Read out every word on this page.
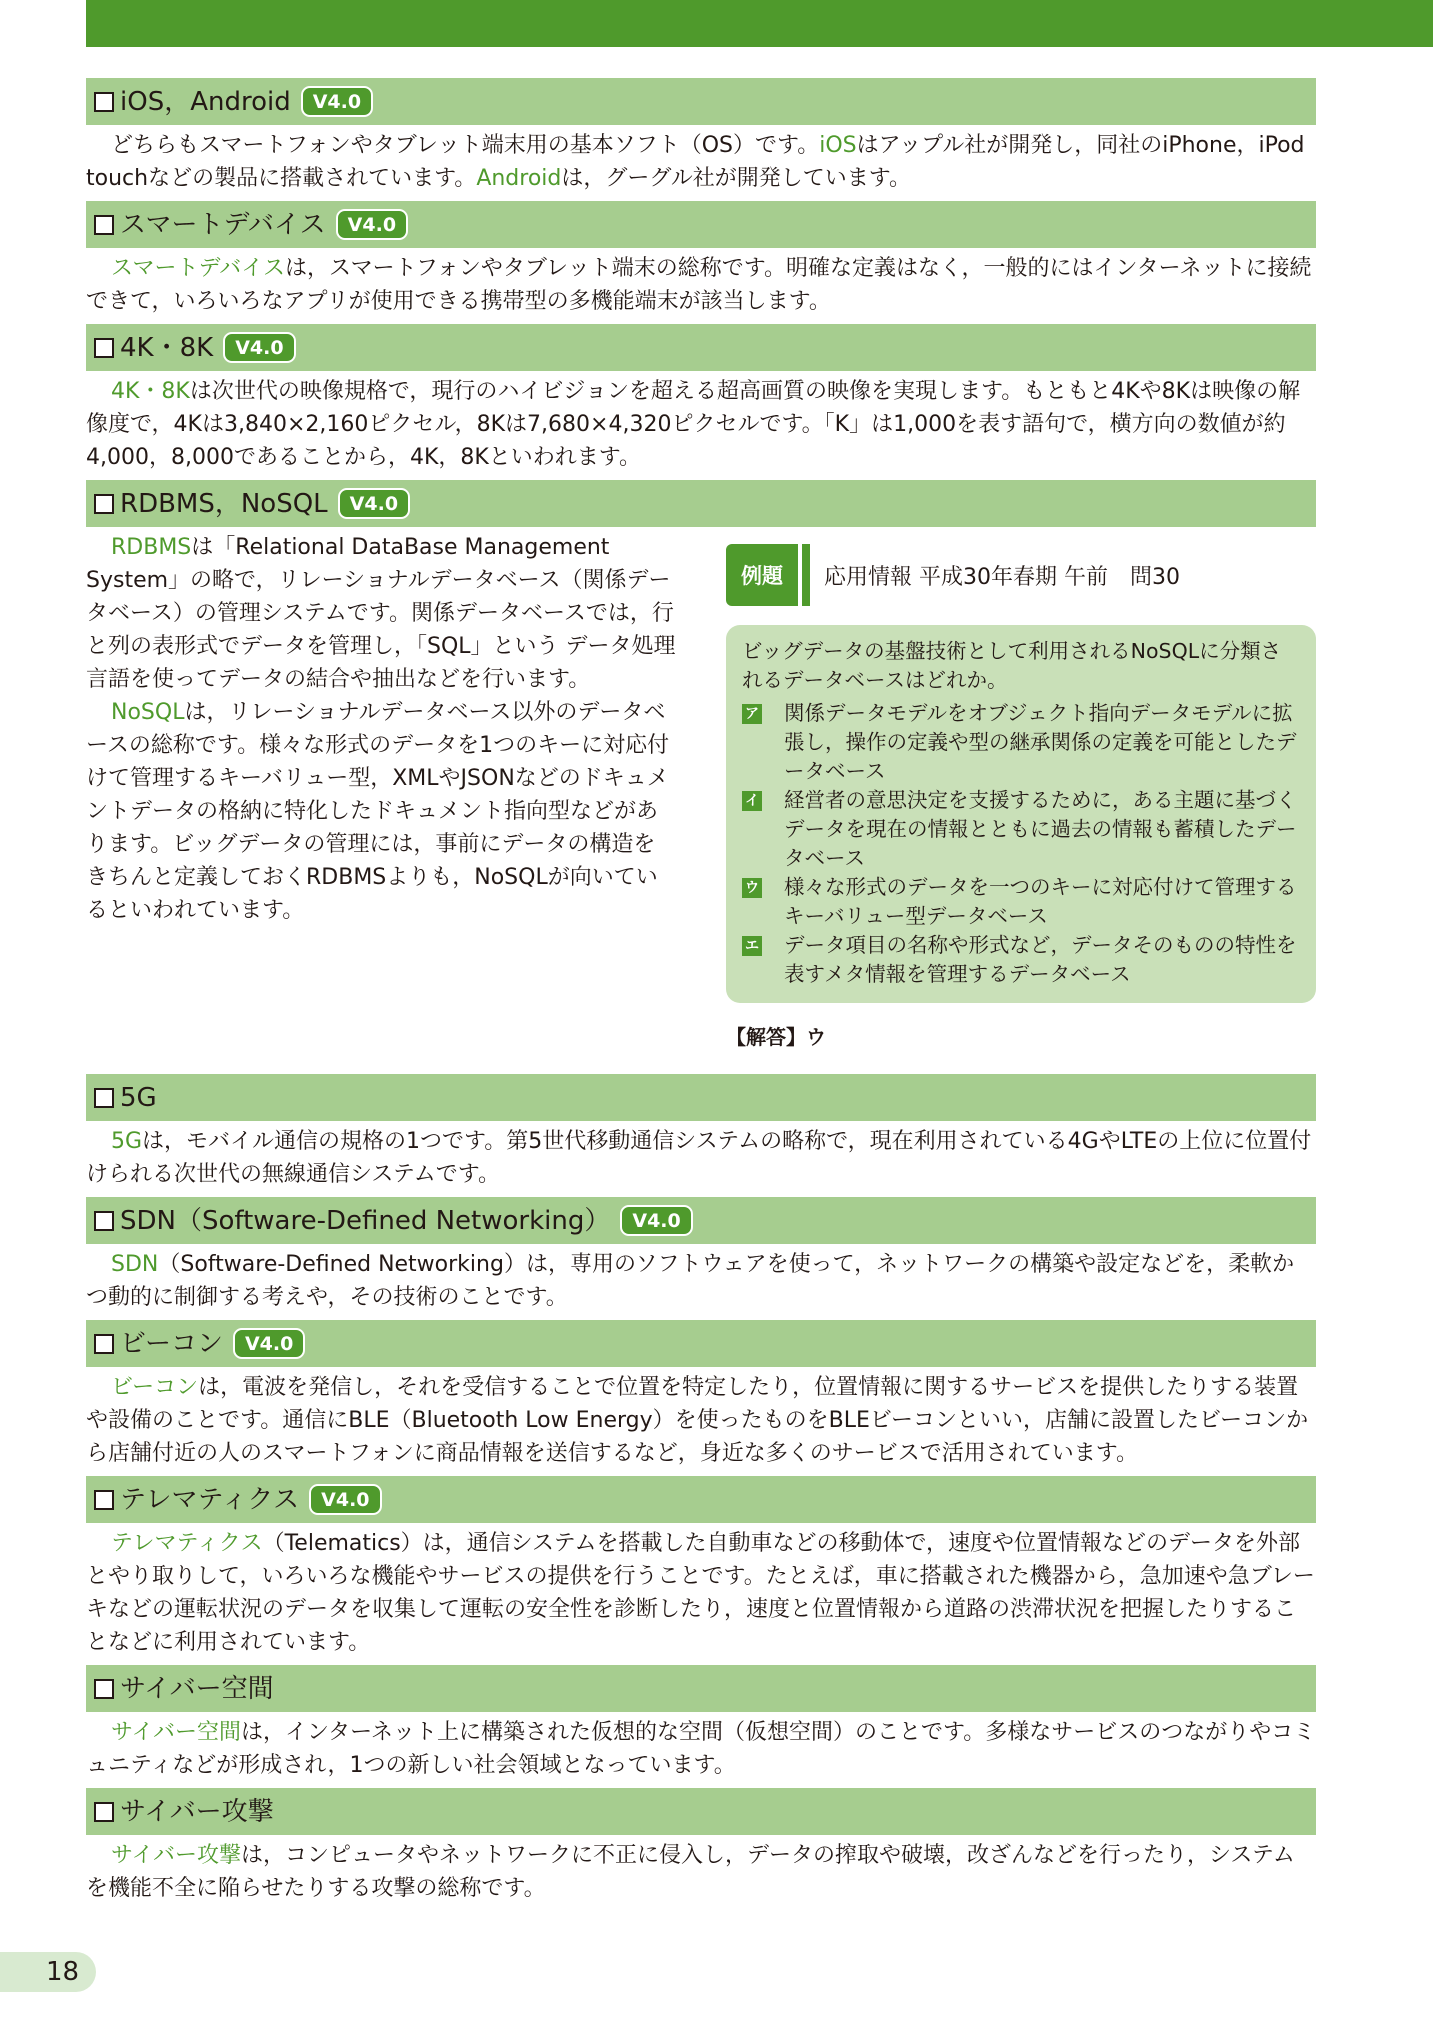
iOS，Android	V4.0

どちらもスマートフォンやタブレット端末用の基本ソフト（OS）です。iOSはアップル社が開発し，同社のiPhone，iPod touchなどの製品に搭載されています。Androidは，グーグル社が開発しています。

スマートデバイス	V4.0

スマートデバイスは，スマートフォンやタブレット端末の総称です。明確な定義はなく，一般的にはインターネットに接続できて，いろいろなアプリが使用できる携帯型の多機能端末が該当します。

4K・8K	V4.0

4K・8Kは次世代の映像規格で，現行のハイビジョンを超える超高画質の映像を実現します。もともと4Kや8Kは映像の解像度で，4Kは3,840×2,160ピクセル，8Kは7,680×4,320ピクセルです。「K」は1,000を表す語句で，横方向の数値が約4,000，8,000であることから，4K，8Kといわれます。

RDBMS，NoSQL	V4.0

RDBMSは「Relational DataBase Management System」の略で，リレーショナルデータベース（関係データベース）の管理システムです。関係データベースでは，行と列の表形式でデータを管理し，「SQL」という データ処理言語を使ってデータの結合や抽出などを行います。

NoSQLは，リレーショナルデータベース以外のデータベースの総称です。様々な形式のデータを1つのキーに対応付けて管理するキーバリュー型，XMLやJSONなどのドキュメントデータの格納に特化したドキュメント指向型などがあります。ビッグデータの管理には，事前にデータの構造をきちんと定義しておくRDBMSよりも，NoSQLが向いているといわれています。

例題	応用情報 平成30年春期 午前　問30
ビッグデータの基盤技術として利用されるNoSQLに分類されるデータベースはどれか。
ア 関係データモデルをオブジェクト指向データモデルに拡張し，操作の定義や型の継承関係の定義を可能としたデータベース
イ 経営者の意思決定を支援するために，ある主題に基づくデータを現在の情報とともに過去の情報も蓄積したデータベース
ウ 様々な形式のデータを一つのキーに対応付けて管理するキーバリュー型データベース
エ データ項目の名称や形式など，データそのものの特性を表すメタ情報を管理するデータベース
【解答】ウ
5G

5Gは，モバイル通信の規格の1つです。第5世代移動通信システムの略称で，現在利用されている4GやLTEの上位に位置付けられる次世代の無線通信システムです。

SDN（Software-Defined Networking）	V4.0

SDN（Software-Defined Networking）は，専用のソフトウェアを使って，ネットワークの構築や設定などを，柔軟かつ動的に制御する考えや，その技術のことです。

ビーコン	V4.0

ビーコンは，電波を発信し，それを受信することで位置を特定したり，位置情報に関するサービスを提供したりする装置や設備のことです。通信にBLE（Bluetooth Low Energy）を使ったものをBLEビーコンといい，店舗に設置したビーコンから店舗付近の人のスマートフォンに商品情報を送信するなど，身近な多くのサービスで活用されています。

テレマティクス	V4.0

テレマティクス（Telematics）は，通信システムを搭載した自動車などの移動体で，速度や位置情報などのデータを外部とやり取りして，いろいろな機能やサービスの提供を行うことです。たとえば，車に搭載された機器から，急加速や急ブレーキなどの運転状況のデータを収集して運転の安全性を診断したり，速度と位置情報から道路の渋滞状況を把握したりすることなどに利用されています。

サイバー空間

サイバー空間は，インターネット上に構築された仮想的な空間（仮想空間）のことです。多様なサービスのつながりやコミュニティなどが形成され，1つの新しい社会領域となっています。

サイバー攻撃

サイバー攻撃は，コンピュータやネットワークに不正に侵入し，データの搾取や破壊，改ざんなどを行ったり，システムを機能不全に陥らせたりする攻撃の総称です。

18
